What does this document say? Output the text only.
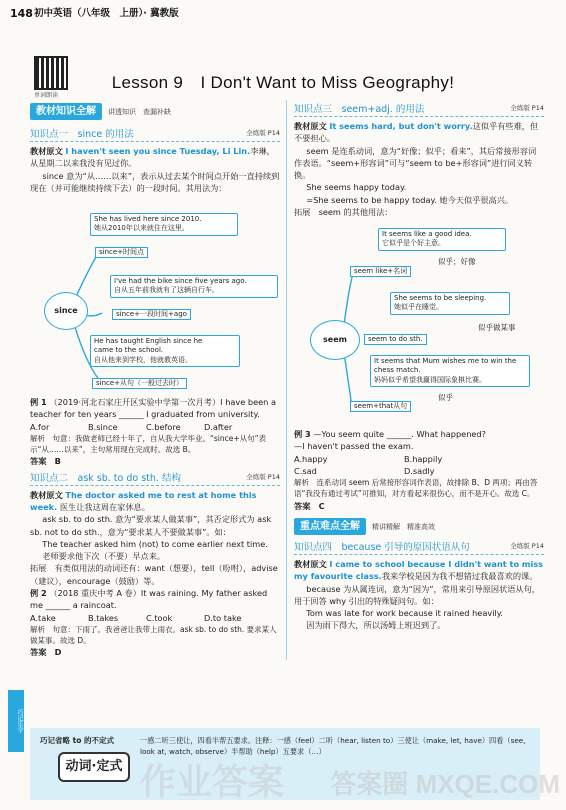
148 初中英语（八年级　上册）· 冀教版
单词朗读
Lesson 9　I Don't Want to Miss Geography!
教材知识全解 讲透知识　查漏补缺
知识点一　since 的用法	全练版 P14
教材原文 I haven't seen you since Tuesday, Li Lin.李琳， 从星期二以来我没有见过你。
since 意为“从……以来”，表示从过去某个时间点开始一直持续到现在（并可能继续持续下去）的一段时间。其用法为：
since
She has lived here since 2010.
她从2010年以来就住在这里。
since+时间点
I've had the bike since five years ago.
自从五年前我就有了这辆自行车。
since+一段时间+ago
He has taught English since he
came to the school.
自从他来到学校，他就教英语。
since+从句（一般过去时）
例 1 （2019·河北石家庄开区实验中学第一次月考）I have been a teacher for ten years ______ I graduated from university.
A.for	B.since	C.before	D.after
解析　句意：我做老师已经十年了，自从我大学毕业。“since+从句”表示“从……以来”，主句常用现在完成时。故选 B。
答案　 B
知识点二　ask sb. to do sth. 结构	全练版 P14
教材原文 The doctor asked me to rest at home this week. 医生让我这周在家休息。
ask sb. to do sth. 意为“要求某人做某事”，其否定形式为 ask sb. not to do sth.，意为“要求某人不要做某事”。如：
The teacher asked him (not) to come earlier next time.
老师要求他下次（不要）早点来。
拓展　有类似用法的动词还有：want（想要），tell（吩咐），advise（建议），encourage（鼓励）等。
例 2 （2018 重庆中考 A 卷）It was raining. My father asked me ______ a raincoat.
A.take	B.takes	C.took	D.to take
解析　句意：下雨了。我爸爸让我带上雨衣。ask sb. to do sth. 要求某人做某事。故选 D。
答案　 D
知识点三　seem+adj. 的用法	全练版 P14
教材原文 It seems hard, but don't worry.这似乎有些难，但不要担心。
seem 是连系动词，意为“好像；似乎；看来”，其后常接形容词作表语。“seem+形容词”可与“seem to be+形容词”进行同义转换。
She seems happy today.
=She seems to be happy today. 她今天似乎很高兴。
拓展　seem 的其他用法：
It seems like a good idea.
它似乎是个好主意。
似乎；好像
seem like+名词
She seems to be sleeping.
她似乎在睡觉。
seem
似乎做某事
seem to do sth.
It seems that Mum wishes me to win the
chess match.
妈妈似乎希望我赢得国际象棋比赛。
似乎
seem+that从句
例 3 —You seem quite ______. What happened?
—I haven't passed the exam.
A.happy	B.happily
C.sad	D.sadly
解析　连系动词 seem 后常接形容词作表语，故排除 B、D 两项；再由答语“我没有通过考试”可推知，对方看起来很伤心，而不是开心。故选 C。
答案　 C
重点难点全解 精讲精解　精准高效
知识点四　because 引导的原因状语从句	全练版 P14
教材原文 I came to school because I didn't want to miss my favourite class.我来学校是因为我不想错过我最喜欢的课。
because 为从属连词，意为“因为”，常用来引导原因状语从句，用于回答 why 引出的特殊疑问句。如：
Tom was late for work because it rained heavily.
因为雨下得大，所以汤姆上班迟到了。
巧记乐学
巧记省略 to 的不定式	一感二听三使让，四看半帮五要求。注释：一感（feel）二听（hear, listen to）三使让（make, let, have）四看（see, look at, watch, observe）半帮助（help）五要求（…）
动词·定式 作业答案 答案圈 MXQE.COM
